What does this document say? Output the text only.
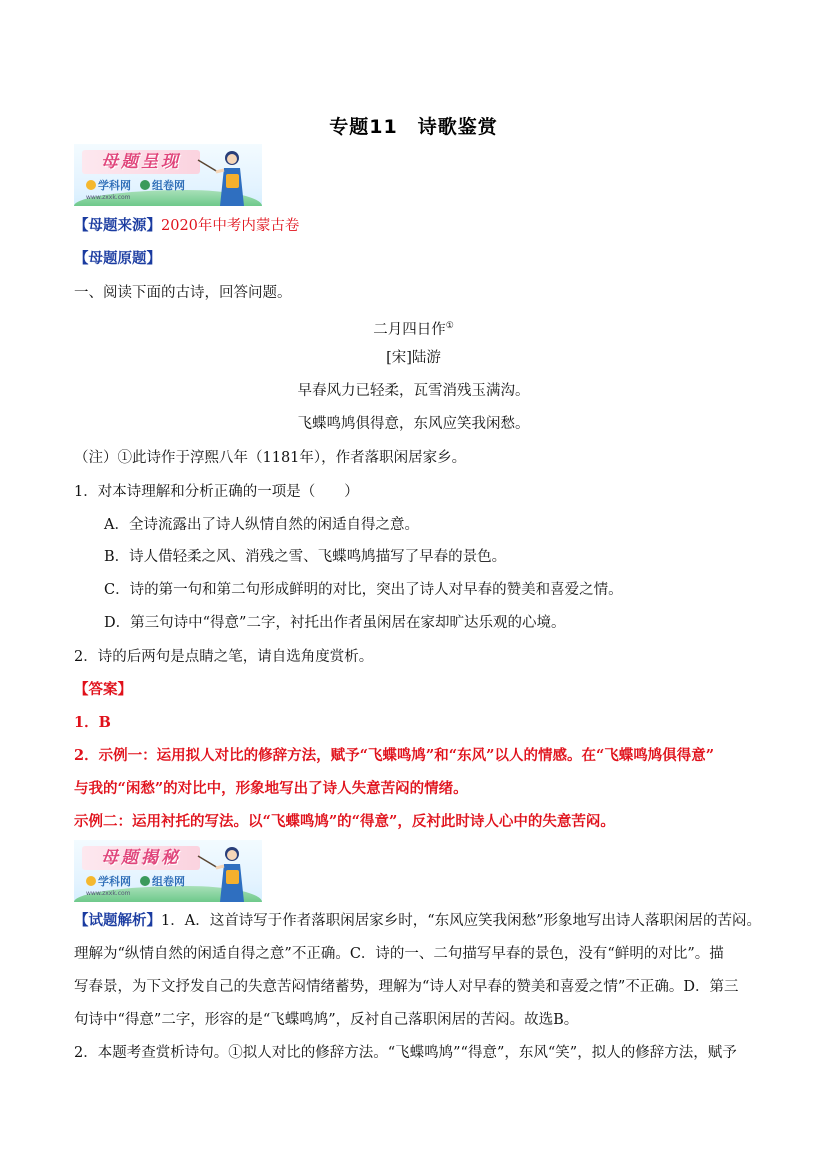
专题11　诗歌鉴赏
母题呈现
学科网	组卷网
www.zxxk.com
【母题来源】2020年中考内蒙古卷
【母题原题】
一、阅读下面的古诗，回答问题。
二月四日作①
[宋]陆游
早春风力已轻柔，瓦雪消残玉满沟。
飞蝶鸣鸠俱得意，东风应笑我闲愁。
（注）①此诗作于淳熙八年（1181年），作者落职闲居家乡。
1．对本诗理解和分析正确的一项是（　　）
A．全诗流露出了诗人纵情自然的闲适自得之意。
B．诗人借轻柔之风、消残之雪、飞蝶鸣鸠描写了早春的景色。
C．诗的第一句和第二句形成鲜明的对比，突出了诗人对早春的赞美和喜爱之情。
D．第三句诗中“得意”二字，衬托出作者虽闲居在家却旷达乐观的心境。
2．诗的后两句是点睛之笔，请自选角度赏析。
【答案】
1．B
2．示例一：运用拟人对比的修辞方法，赋予“飞蝶鸣鸠”和“东风”以人的情感。在“飞蝶鸣鸠俱得意”
与我的“闲愁”的对比中，形象地写出了诗人失意苦闷的情绪。
示例二：运用衬托的写法。以“飞蝶鸣鸠”的“得意”，反衬此时诗人心中的失意苦闷。
母题揭秘
学科网	组卷网
www.zxxk.com
【试题解析】1．A．这首诗写于作者落职闲居家乡时，“东风应笑我闲愁”形象地写出诗人落职闲居的苦闷。
理解为“纵情自然的闲适自得之意”不正确。C．诗的一、二句描写早春的景色，没有“鲜明的对比”。描
写春景，为下文抒发自己的失意苦闷情绪蓄势，理解为“诗人对早春的赞美和喜爱之情”不正确。D．第三
句诗中“得意”二字，形容的是“飞蝶鸣鸠”，反衬自己落职闲居的苦闷。故选B。
2．本题考查赏析诗句。①拟人对比的修辞方法。“飞蝶鸣鸠”“得意”，东风“笑”，拟人的修辞方法，赋予
